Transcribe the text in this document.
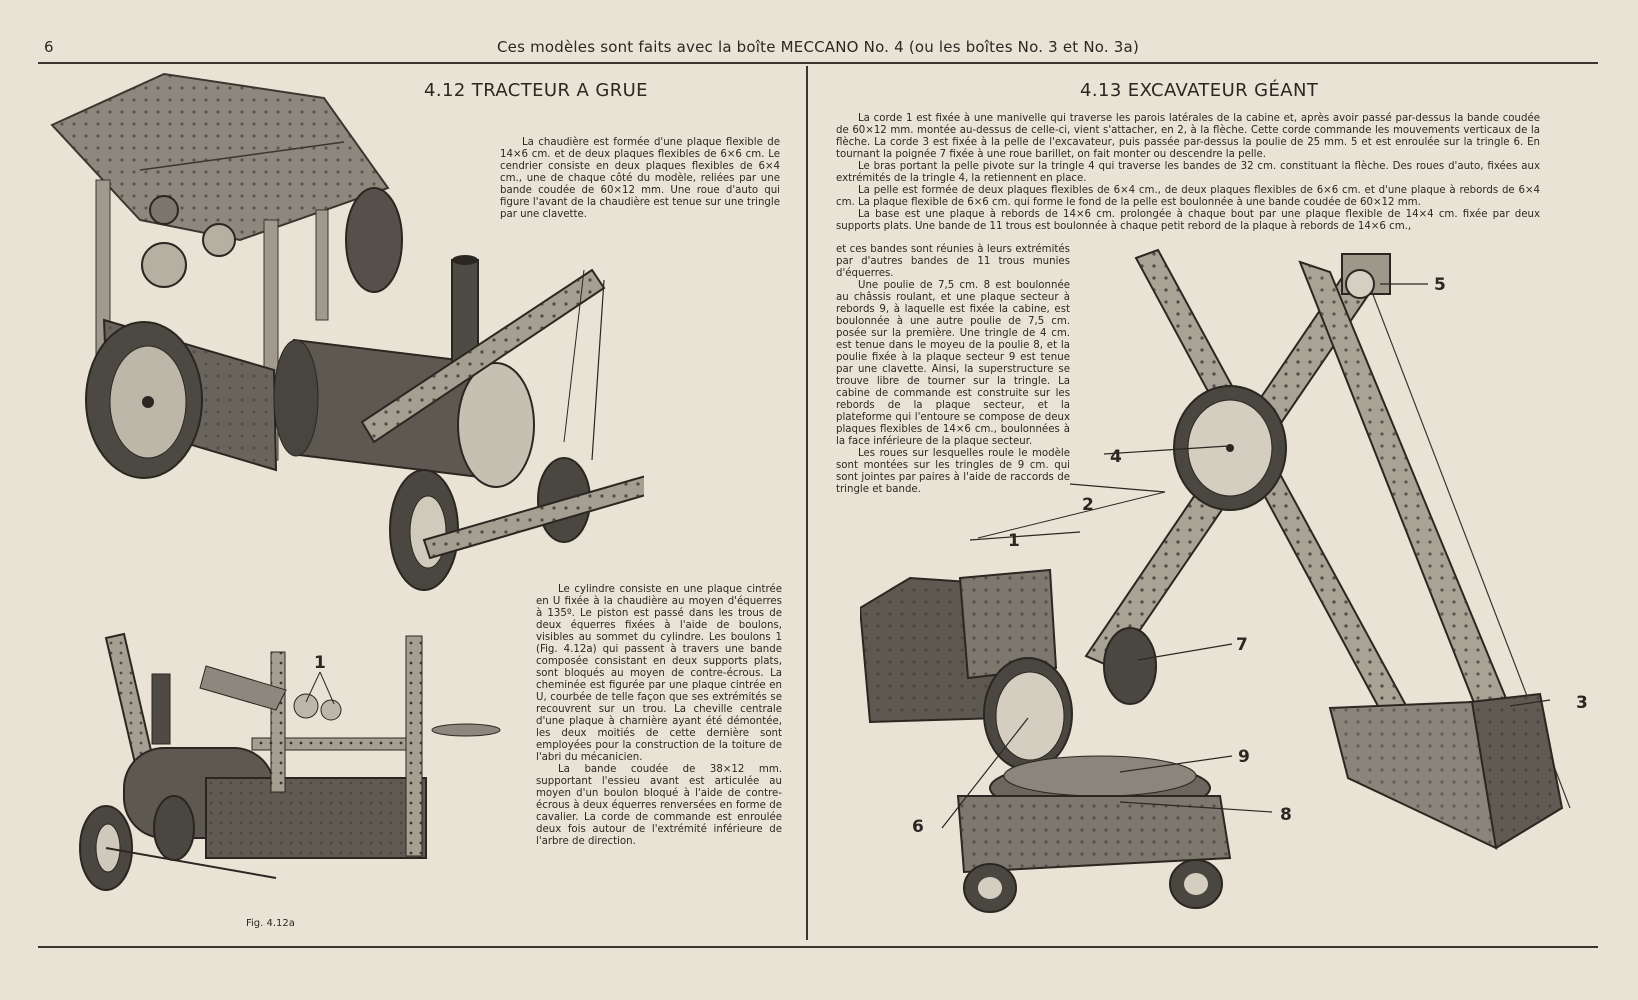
6	Ces modèles sont faits avec la boîte MECCANO No. 4 (ou les boîtes No. 3 et No. 3a)
4.12 TRACTEUR A GRUE

La chaudière est formée d'une plaque flexible de 14×6 cm. et de deux plaques flexibles de 6×6 cm. Le cendrier consiste en deux plaques flexibles de 6×4 cm., une de chaque côté du modèle, reliées par une bande coudée de 60×12 mm. Une roue d'auto qui figure l'avant de la chaudière est tenue sur une tringle par une clavette.

1

Le cylindre consiste en une plaque cintrée en U fixée à la chaudière au moyen d'équerres à 135º. Le piston est passé dans les trous de deux équerres fixées à l'aide de boulons, visibles au sommet du cylindre. Les boulons 1 (Fig. 4.12a) qui passent à travers une bande composée consistant en deux supports plats, sont bloqués au moyen de contre-écrous. La cheminée est figurée par une plaque cintrée en U, courbée de telle façon que ses extrémités se recouvrent sur un trou. La cheville centrale d'une plaque à charnière ayant été démontée, les deux moitiés de cette dernière sont employées pour la construction de la toiture de l'abri du mécanicien.

La bande coudée de 38×12 mm. supportant l'essieu avant est articulée au moyen d'un boulon bloqué à l'aide de contre-écrous à deux équerres renversées en forme de cavalier. La corde de commande est enroulée deux fois autour de l'extrémité inférieure de l'arbre de direction.

Fig. 4.12a
4.13 EXCAVATEUR GÉANT

La corde 1 est fixée à une manivelle qui traverse les parois latérales de la cabine et, après avoir passé par-dessus la bande coudée de 60×12 mm. montée au-dessus de celle-ci, vient s'attacher, en 2, à la flèche. Cette corde commande les mouvements verticaux de la flèche. La corde 3 est fixée à la pelle de l'excavateur, puis passée par-dessus la poulie de 25 mm. 5 et est enroulée sur la tringle 6. En tournant la poignée 7 fixée à une roue barillet, on fait monter ou descendre la pelle.

Le bras portant la pelle pivote sur la tringle 4 qui traverse les bandes de 32 cm. constituant la flèche. Des roues d'auto, fixées aux extrémités de la tringle 4, la retiennent en place.

La pelle est formée de deux plaques flexibles de 6×4 cm., de deux plaques flexibles de 6×6 cm. et d'une plaque à rebords de 6×4 cm. La plaque flexible de 6×6 cm. qui forme le fond de la pelle est boulonnée à une bande coudée de 60×12 mm.

La base est une plaque à rebords de 14×6 cm. prolongée à chaque bout par une plaque flexible de 14×4 cm. fixée par deux supports plats. Une bande de 11 trous est boulonnée à chaque petit rebord de la plaque à rebords de 14×6 cm.,

et ces bandes sont réunies à leurs extrémités par d'autres bandes de 11 trous munies d'équerres.

Une poulie de 7,5 cm. 8 est boulonnée au châssis roulant, et une plaque secteur à rebords 9, à laquelle est fixée la cabine, est boulonnée à une autre poulie de 7,5 cm. posée sur la première. Une tringle de 4 cm. est tenue dans le moyeu de la poulie 8, et la poulie fixée à la plaque secteur 9 est tenue par une clavette. Ainsi, la superstructure se trouve libre de tourner sur la tringle. La cabine de commande est construite sur les rebords de la plaque secteur, et la plateforme qui l'entoure se compose de deux plaques flexibles de 14×6 cm., boulonnées à la face inférieure de la plaque secteur.

Les roues sur lesquelles roule le modèle sont montées sur les tringles de 9 cm. qui sont jointes par paires à l'aide de raccords de tringle et bande.

1
2
3
4
5
6
7
8
9
